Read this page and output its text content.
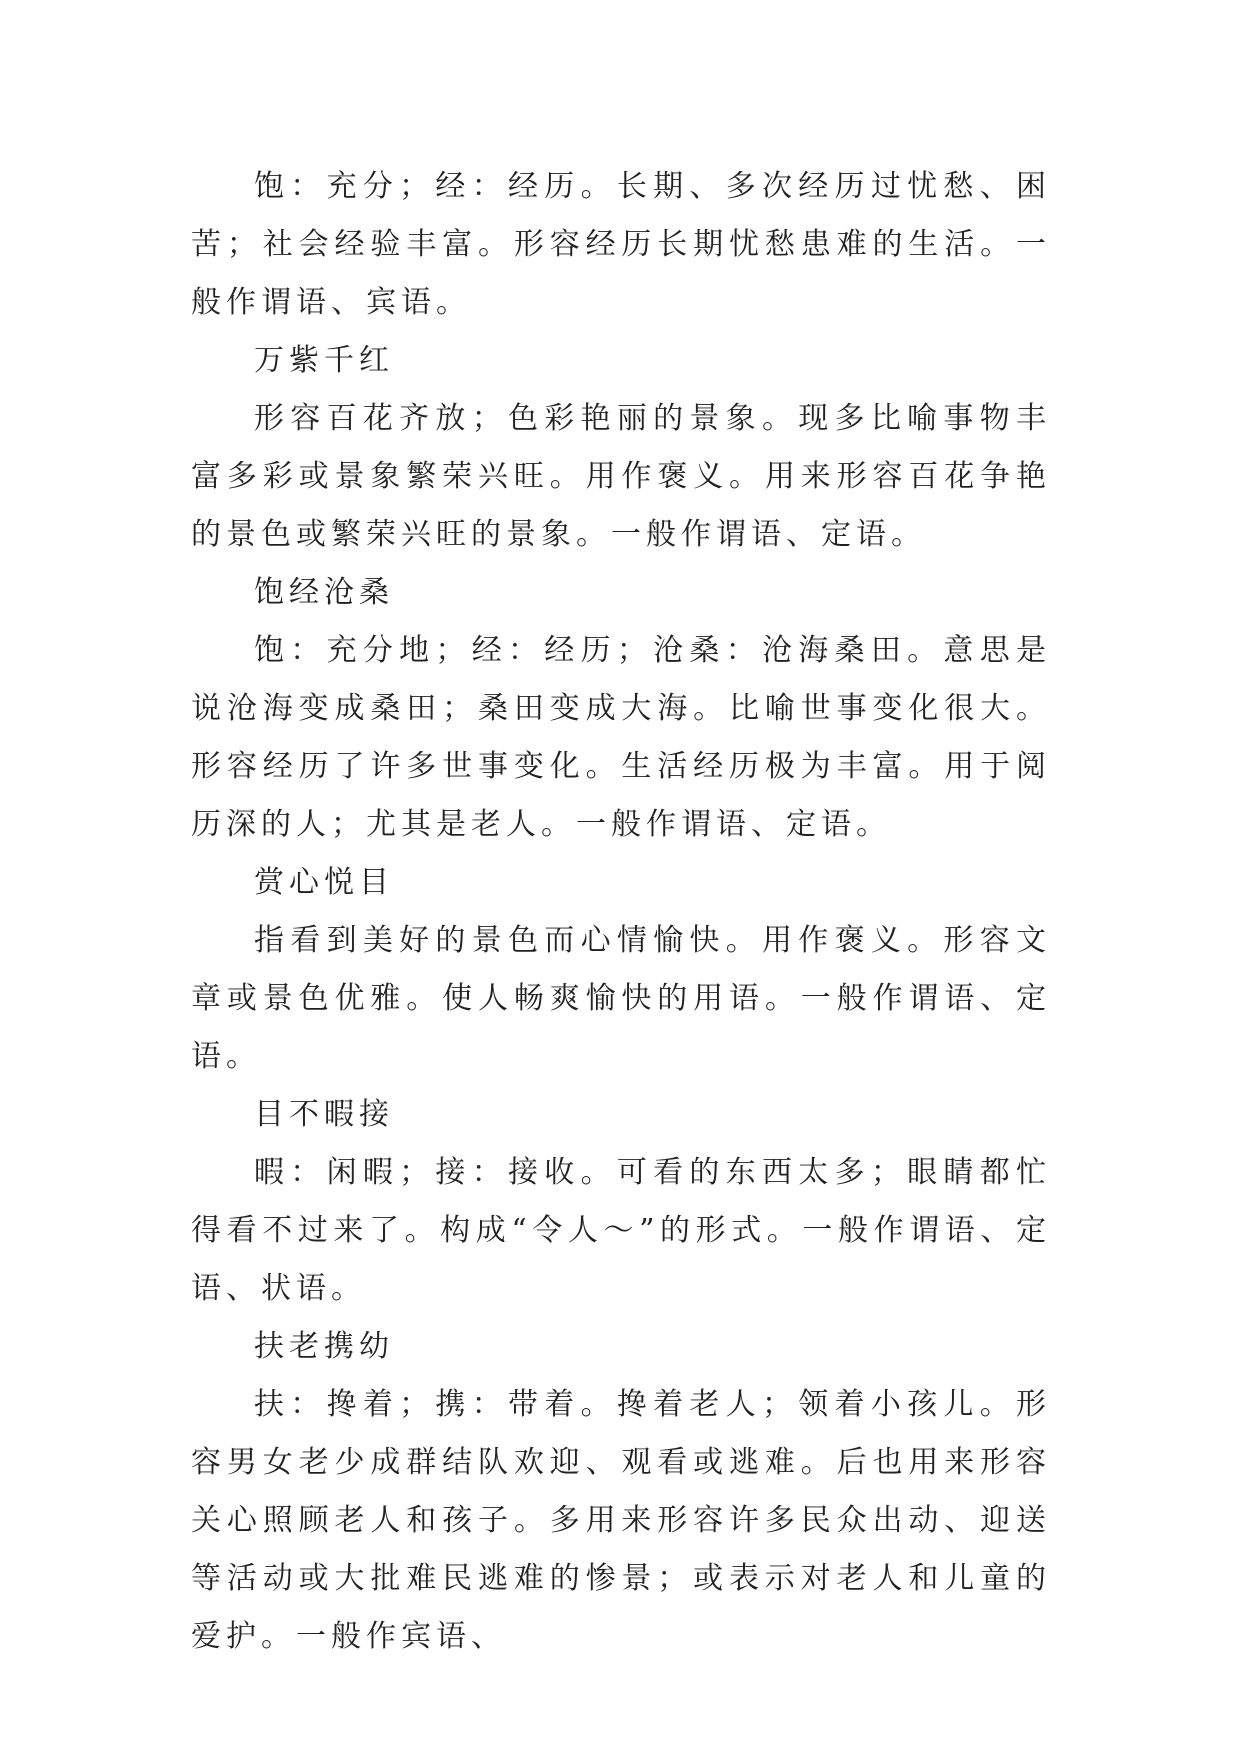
饱：充分；经：经历。长期、多次经历过忧愁、困苦；社会经验丰富。形容经历长期忧愁患难的生活。一般作谓语、宾语。

万紫千红

形容百花齐放；色彩艳丽的景象。现多比喻事物丰富多彩或景象繁荣兴旺。用作褒义。用来形容百花争艳的景色或繁荣兴旺的景象。一般作谓语、定语。

饱经沧桑

饱：充分地；经：经历；沧桑：沧海桑田。意思是说沧海变成桑田；桑田变成大海。比喻世事变化很大。形容经历了许多世事变化。生活经历极为丰富。用于阅历深的人；尤其是老人。一般作谓语、定语。

赏心悦目

指看到美好的景色而心情愉快。用作褒义。形容文章或景色优雅。使人畅爽愉快的用语。一般作谓语、定语。

目不暇接

暇：闲暇；接：接收。可看的东西太多；眼睛都忙得看不过来了。构成“令人～”的形式。一般作谓语、定语、状语。

扶老携幼

扶：搀着；携：带着。搀着老人；领着小孩儿。形容男女老少成群结队欢迎、观看或逃难。后也用来形容关心照顾老人和孩子。多用来形容许多民众出动、迎送等活动或大批难民逃难的惨景；或表示对老人和儿童的爱护。一般作宾语、
